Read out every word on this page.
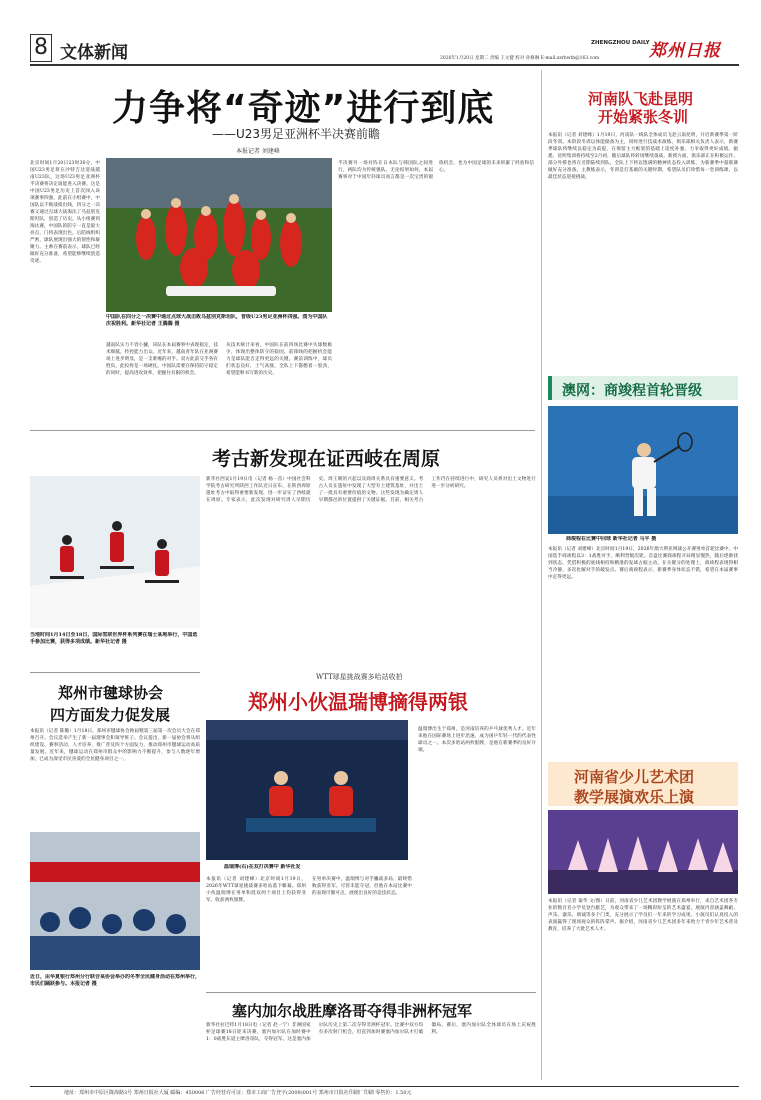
8 文体新闻	2026年1月20日 星期二 责编 王文健 校对 孙修琳 E-mail:zzrbwtb@163.com
ZHENGZHOU DAILY 郑州日报
力争将“奇迹”进行到底
——U23男足亚洲杯半决赛前瞻
本报记者 刘建峰
北京时间1月20日23时30分，中国U23男足将在沙特吉达迎战越南U23队，这场U23男足亚洲杯半决赛将决定谁能进入决赛。这是中国U23男足历史上首次闯入该项赛事四强，此前在小组赛中，中国队以不败战绩出线，四分之一决赛又通过点球大战淘汰了乌兹别克斯坦队，创造了历史。从小组赛到淘汰赛，中国队的防守一直是最大亮点，门将表现出色，后防线组织严密，球队展现出强大的韧性和凝聚力。主帅在赛前表示，球队已经做好充分准备，希望能够继续创造奇迹。
中国队在四分之一决赛中通过点球大战击败乌兹别克斯坦队，晋级U23男足亚洲杯四强。图为中国队庆祝胜利。新华社记者 王腾腾 摄
越南队实力不容小觑，该队在本届赛事中表现稳定，技术细腻，传控能力出众。近年来，越南青年队在亚洲赛场上进步明显，是一支难缠的对手。双方此前交手各有胜负，此役将是一场硬仗。中国队需要在保持防守稳定的同时，提高进攻效率，把握住有限的机会。
从技术统计来看，中国队在前四场比赛中失球数极少，体现出整体防守的稳固。前锋线的把握机会能力是球队能否走得更远的关键。赛前训练中，球员们状态良好，士气高涨，全队上下都憋着一股劲，希望能够书写新的历史。
半决赛另一场对阵在日本队与韩国队之间进行，两队均为传统强队。无论结果如何，本届赛事对于中国年轻球员而言都是一次宝贵的锻炼机会，也为中国足球的未来积累了经验和信心。
河南队飞赴昆明
开始紧张冬训
本报讯（记者 刘建峰）1月19日，河南队一线队全体成员飞赴云南昆明，开启新赛季第一阶段冬训。本阶段冬训以体能储备为主，同时进行技战术演练。俱乐部相关负责人表示，新赛季球队将继续以稳定为前提，在保留主力框架的基础上适度补强，力争取得更好成绩。据悉，昆明集训将持续至2月初，随后球队将转场继续备战。新援方面，俱乐部正在积极运作，部分外援也将在近期陆续到队。全队上下将以饱满的精神状态投入训练，为新赛季中超联赛做好充分准备。主教练表示，冬训是打基础的关键时期，希望队员们珍惜每一堂训练课，以最佳状态迎接挑战。
澳网：商竣程首轮晋级
商竣程在比赛中回球 新华社记者 马平 摄
本报讯（记者 刘建峰）北京时间1月19日，2026年澳大利亚网球公开赛男单首轮比赛中，中国选手商竣程以3：1战胜对手，顺利晋级次轮。首盘比赛商竣程开局稍显慢热，随后逐渐找到状态，凭借积极的底线相持和精准的发球占据主动。在关键分的处理上，商竣程表现得相当冷静，多次化解对手的破发点。赛后商竣程表示，新赛季身体状态不错，希望在本届赛事中走得更远。
河南省少儿艺术团
教学展演欢乐上演
本报讯（记者 秦华 文/图）日前，河南省少儿艺术团教学展演在郑州举行，来自艺术团各专业的数百名小学员登台献艺，为观众带来了一场精彩纷呈的艺术盛宴。展演内容涵盖舞蹈、声乐、器乐、朗诵等多个门类，充分展示了学员们一年来的学习成果。小演员们认真投入的表演赢得了现场观众的阵阵掌声。据介绍，河南省少儿艺术团多年来致力于青少年艺术普及教育，培养了大批艺术人才。
考古新发现在证西岐在周原
当地时间1月14日至18日，国际雪联世界杯系列赛在瑞士某地举行，中国选手参加比赛，获得多项成绩。新华社记者 摄
新华社西安1月19日电（记者 杨一苗）中国社会科学院考古研究所陕西工作队近日宣布，在陕西周原遗址考古中取得重要新发现，进一步证实了西岐就在周原。专家表示，此次发现对研究周人早期历史、周王朝的兴起以及商周关系具有重要意义。考古人员在遗址中发现了大型夯土建筑基址，并出土了一批具有重要价值的文物。这些发现为确定周人早期都邑的位置提供了关键证据。目前，相关考古工作仍在持续进行中，研究人员将对出土文物进行进一步分析研究。
郑州市毽球协会
四方面发力促发展
本报讯（记者 陈璐）1月18日，郑州市毽球协会换届暨第三届第一次会员大会在郑州召开。会议选举产生了新一届理事会和领导班子。会议提出，新一届协会将从组织建设、赛事活动、人才培养、推广普及四个方面发力，推动郑州市毽球运动高质量发展。近年来，毽球运动在郑州市群众中的影响力不断提升，参与人数逐年增加，已成为深受市民喜爱的全民健身项目之一。
近日，由华夏银行郑州分行联合某协会举办的冬季全民健身活动在郑州举行，市民们踊跃参与。本报记者 摄
WTT球星挑战赛多哈站收拍
郑州小伙温瑞博摘得两银
温瑞博(右)在双打决赛中 新华社发
本报讯（记者 刘建峰）北京时间1月19日，2026年WTT球星挑战赛多哈站落下帷幕。郑州小伙温瑞博在男单和混双两个项目上均获得亚军，收获两枚银牌。
在男单决赛中，温瑞博与对手鏖战多局，最终惜败获得亚军。尽管未能夺冠，但他在本站比赛中的表现可圈可点，展现出良好的竞技状态。
温瑞博出生于郑州，是河南培养的乒乓球优秀人才。近年来他在国际赛场上进步迅速，成为国乒年轻一代的代表性球员之一。本次多哈站两枚银牌，是他在新赛季的良好开端。
塞内加尔战胜摩洛哥夺得非洲杯冠军
新华社拉巴特1月18日电（记者 赵一宁）非洲国家杯足球赛18日迎来决赛，塞内加尔队在加时赛中1：0战胜东道主摩洛哥队，夺得冠军。这是塞内加尔队历史上第二次夺得非洲杯冠军。比赛中双方均有多次射门机会，但直到加时赛塞内加尔队才打破僵局。赛后，塞内加尔队全体球员在场上庆祝胜利。
地址：郑州市中原区陇海路3号 郑州日报社大厦 邮编：450006 广告经营许可证：郑市工商广告登字(2009)001号 郑州市日报社印刷厂印刷 零售价：1.50元
